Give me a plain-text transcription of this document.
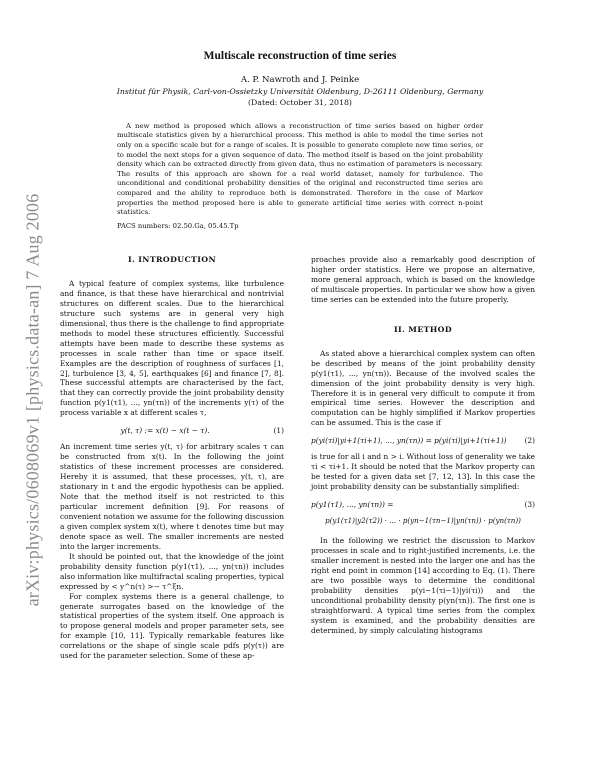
arXiv:physics/0608069v1 [physics.data-an] 7 Aug 2006
Multiscale reconstruction of time series
A. P. Nawroth and J. Peinke
Institut für Physik, Carl-von-Ossietzky Universität Oldenburg, D-26111 Oldenburg, Germany
(Dated: October 31, 2018)

A new method is proposed which allows a reconstruction of time series based on higher order multiscale statistics given by a hierarchical process. This method is able to model the time series not only on a specific scale but for a range of scales. It is possible to generate complete new time series, or to model the next steps for a given sequence of data. The method itself is based on the joint probability density which can be extracted directly from given data, thus no estimation of parameters is necessary. The results of this approach are shown for a real world dataset, namely for turbulence. The unconditional and conditional probability densities of the original and reconstructed time series are compared and the ability to reproduce both is demonstrated. Therefore in the case of Markov properties the method proposed here is able to generate artificial time series with correct n-point statistics.

PACS numbers: 02.50.Ga, 05.45.Tp
I. INTRODUCTION

A typical feature of complex systems, like turbulence and finance, is that these have hierarchical and nontrivial structures on different scales. Due to the hierarchical structure such systems are in general very high dimensional, thus there is the challenge to find appropriate methods to model these structures efficiently. Successful attempts have been made to describe these systems as processes in scale rather than time or space itself. Examples are the description of roughness of surfaces [1, 2], turbulence [3, 4, 5], earthquakes [6] and finance [7, 8]. These successful attempts are characterised by the fact, that they can correctly provide the joint probability density function p(y1(τ1), ..., yn(τn)) of the increments y(τ) of the process variable x at different scales τ,

y(t, τ) := x(t) − x(t − τ).	(1)

An increment time series y(t, τ) for arbitrary scales τ can be constructed from x(t). In the following the joint statistics of these increment processes are considered. Hereby it is assumed, that these processes, y(t, τ), are stationary in t and the ergodic hypothesis can be applied. Note that the method itself is not restricted to this particular increment definition [9]. For reasons of convenient notation we assume for the following discussion a given complex system x(t), where t denotes time but may denote space as well. The smaller increments are nested into the larger increments.

It should be pointed out, that the knowledge of the joint probability density function p(y1(τ1), ..., yn(τn)) includes also information like multifractal scaling properties, typical expressed by < y^n(τ) >∼ τ^ξn.

For complex systems there is a general challenge, to generate surrogates based on the knowledge of the statistical properties of the system itself. One approach is to propose general models and proper parameter sets, see for example [10, 11]. Typically remarkable features like correlations or the shape of single scale pdfs p(y(τ)) are used for the parameter selection. Some of these ap-

proaches provide also a remarkably good description of higher order statistics. Here we propose an alternative, more general approach, which is based on the knowledge of multiscale properties. In particular we show how a given time series can be extended into the future properly.

II. METHOD

As stated above a hierarchical complex system can often be described by means of the joint probability density p(y1(τ1), ..., yn(τn)). Because of the involved scales the dimension of the joint probability density is very high. Therefore it is in general very difficult to compute it from empirical time series. However the description and computation can be highly simplified if Markov properties can be assumed. This is the case if

p(yi(τi)|yi+1(τi+1), ..., yn(τn)) = p(yi(τi)|yi+1(τi+1))	(2)

is true for all i and n > i. Without loss of generality we take τi < τi+1. It should be noted that the Markov property can be tested for a given data set [7, 12, 13]. In this case the joint probability density can be substantially simplified:

p(y1(τ1), ..., yn(τn)) =	(3)
p(y1(τ1)|y2(τ2)) · ... · p(yn−1(τn−1)|yn(τn)) · p(yn(τn))

In the following we restrict the discussion to Markov processes in scale and to right-justified increments, i.e. the smaller increment is nested into the larger one and has the right end point in common [14] according to Eq. (1). There are two possible ways to determine the conditional probability densities p(yi−1(τi−1)|yi(τi)) and the unconditional probability density p(yn(τn)). The first one is straightforward. A typical time series from the complex system is examined, and the probability densities are determined, by simply calculating histograms
